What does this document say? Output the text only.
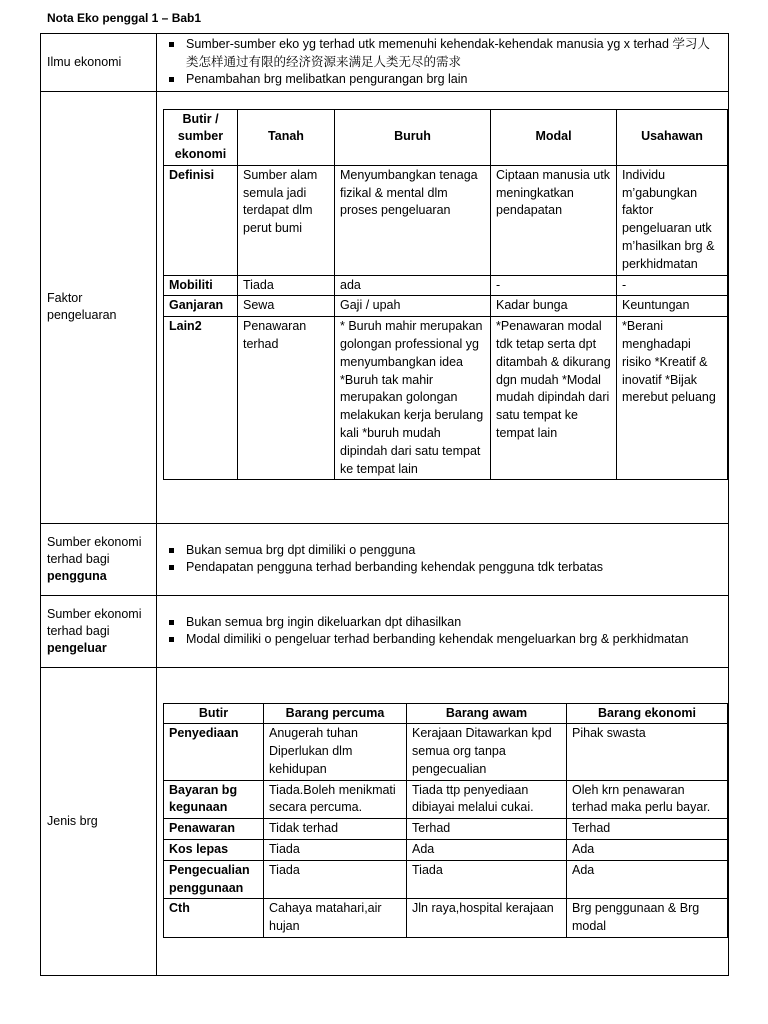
Nota Eko penggal 1 – Bab1
Ilmu ekonomi	
Sumber-sumber eko yg terhad utk memenuhi kehendak-kehendak manusia yg x terhad 学习人类怎样通过有限的经济资源来满足人类无尽的需求
Penambahan brg melibatkan pengurangan brg lain

Faktor pengeluaran	
Butir / sumber ekonomi	Tanah	Buruh	Modal	Usahawan
Definisi	Sumber alam semula jadi terdapat dlm perut bumi	Menyumbangkan tenaga fizikal & mental dlm proses pengeluaran	Ciptaan manusia utk meningkatkan pendapatan	Individu m’gabungkan faktor pengeluaran utk m’hasilkan brg & perkhidmatan
Mobiliti	Tiada	ada	-	-
Ganjaran	Sewa	Gaji / upah	Kadar bunga	Keuntungan
Lain2	Penawaran terhad	* Buruh mahir merupakan golongan professional yg menyumbangkan idea *Buruh tak mahir merupakan golongan melakukan kerja berulang kali *buruh mudah dipindah dari satu tempat ke tempat lain	*Penawaran modal tdk tetap serta dpt ditambah & dikurang dgn mudah *Modal mudah dipindah dari satu tempat ke tempat lain	*Berani menghadapi risiko *Kreatif & inovatif *Bijak merebut peluang

Sumber ekonomi terhad bagi
pengguna	
Bukan semua brg dpt dimiliki o pengguna
Pendapatan pengguna terhad berbanding kehendak pengguna tdk terbatas

Sumber ekonomi terhad bagi
pengeluar	
Bukan semua brg ingin dikeluarkan dpt dihasilkan
Modal dimiliki o pengeluar terhad berbanding kehendak mengeluarkan brg & perkhidmatan

Jenis brg	
Butir	Barang percuma	Barang awam	Barang ekonomi
Penyediaan	Anugerah tuhan Diperlukan dlm kehidupan	Kerajaan Ditawarkan kpd semua org tanpa pengecualian	Pihak swasta
Bayaran bg kegunaan	Tiada.Boleh menikmati secara percuma.	Tiada ttp penyediaan dibiayai melalui cukai.	Oleh krn penawaran terhad maka perlu bayar.
Penawaran	Tidak terhad	Terhad	Terhad
Kos lepas	Tiada	Ada	Ada
Pengecualian penggunaan	Tiada	Tiada	Ada
Cth	Cahaya matahari,air hujan	Jln raya,hospital kerajaan	Brg penggunaan & Brg modal
